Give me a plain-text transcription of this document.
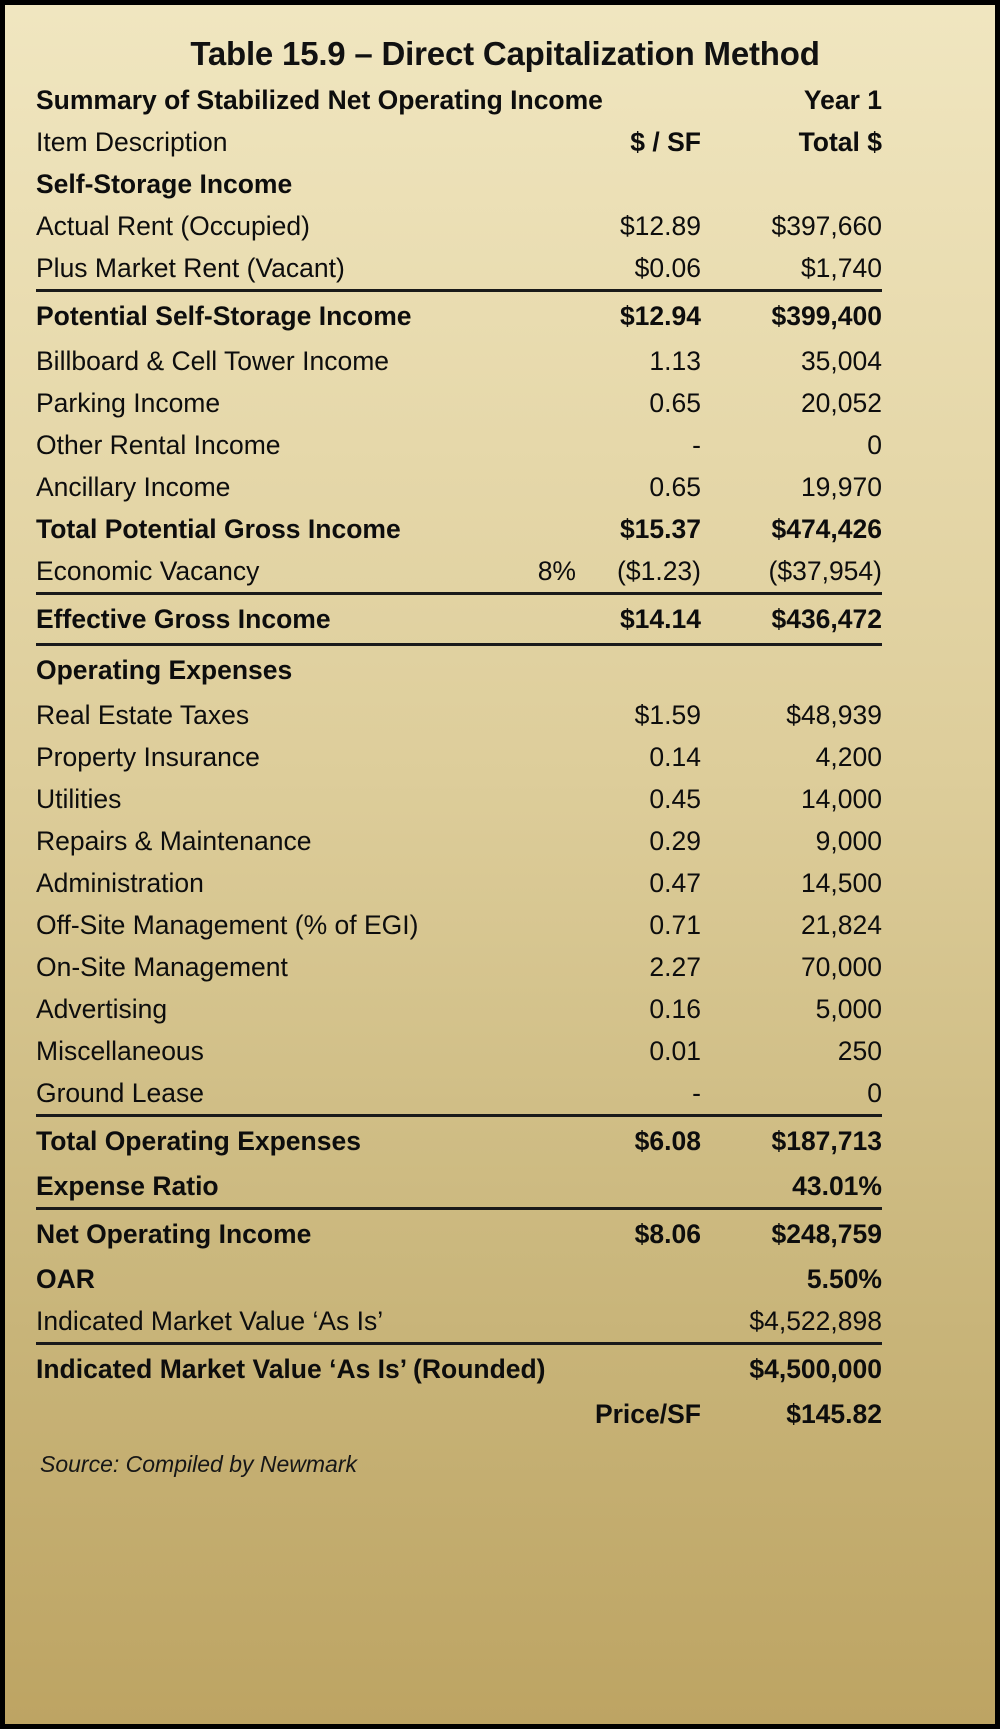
Table 15.9 – Direct Capitalization Method
Summary of Stabilized Net Operating Income			Year 1
Item Description		$ / SF	Total $
Self-Storage Income			
Actual Rent (Occupied)		$12.89	$397,660
Plus Market Rent (Vacant)		$0.06	$1,740
Potential Self-Storage Income		$12.94	$399,400
Billboard & Cell Tower Income		1.13	35,004
Parking Income		0.65	20,052
Other Rental Income		-	0
Ancillary Income		0.65	19,970
Total Potential Gross Income		$15.37	$474,426
Economic Vacancy	8%	($1.23)	($37,954)
Effective Gross Income		$14.14	$436,472
Operating Expenses			
Real Estate Taxes		$1.59	$48,939
Property Insurance		0.14	4,200
Utilities		0.45	14,000
Repairs & Maintenance		0.29	9,000
Administration		0.47	14,500
Off-Site Management (% of EGI)		0.71	21,824
On-Site Management		2.27	70,000
Advertising		0.16	5,000
Miscellaneous		0.01	250
Ground Lease		-	0
Total Operating Expenses		$6.08	$187,713
Expense Ratio			43.01%
Net Operating Income		$8.06	$248,759
OAR			5.50%
Indicated Market Value ‘As Is’			$4,522,898
Indicated Market Value ‘As Is’ (Rounded)			$4,500,000
		Price/SF	$145.82
Source: Compiled by Newmark
